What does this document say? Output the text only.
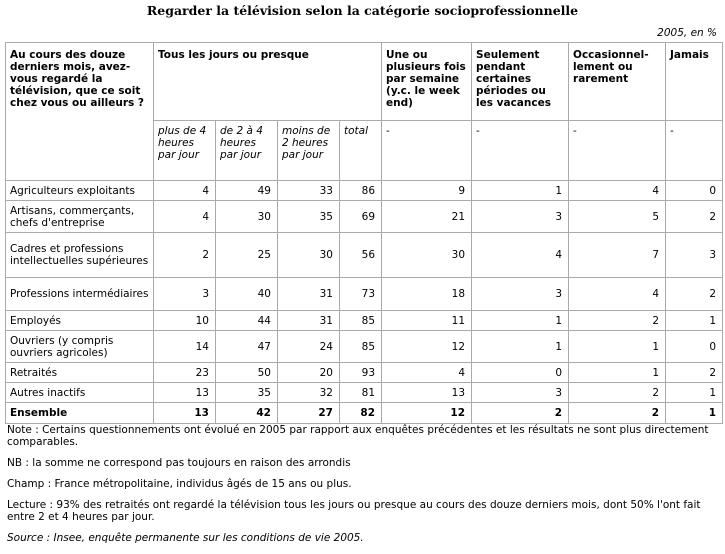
Regarder la télévision selon la catégorie socioprofessionnelle
2005, en %
Au cours des douze derniers mois, avez-vous regardé la télévision, que ce soit chez vous ou ailleurs ?	Tous les jours ou presque				Une ou plusieurs fois par semaine (y.c. le week end)	Seulement pendant certaines périodes ou les vacances	Occasionnel-lement ou rarement	Jamais
	plus de 4 heures par jour	de 2 à 4 heures par jour	moins de 2 heures par jour	total	-	-	-	-
Agriculteurs exploitants	4	49	33	86	9	1	4	0
Artisans, commerçants, chefs d'entreprise	4	30	35	69	21	3	5	2
Cadres et professions intellectuelles supérieures	2	25	30	56	30	4	7	3
Professions intermédiaires	3	40	31	73	18	3	4	2
Employés	10	44	31	85	11	1	2	1
Ouvriers (y compris ouvriers agricoles)	14	47	24	85	12	1	1	0
Retraités	23	50	20	93	4	0	1	2
Autres inactifs	13	35	32	81	13	3	2	1
Ensemble	13	42	27	82	12	2	2	1

Note : Certains questionnements ont évolué en 2005 par rapport aux enquêtes précédentes et les résultats ne sont plus directement comparables.

NB : la somme ne correspond pas toujours en raison des arrondis

Champ : France métropolitaine, individus âgés de 15 ans ou plus.

Lecture : 93% des retraités ont regardé la télévision tous les jours ou presque au cours des douze derniers mois, dont 50% l'ont fait entre 2 et 4 heures par jour.

Source : Insee, enquête permanente sur les conditions de vie 2005.
